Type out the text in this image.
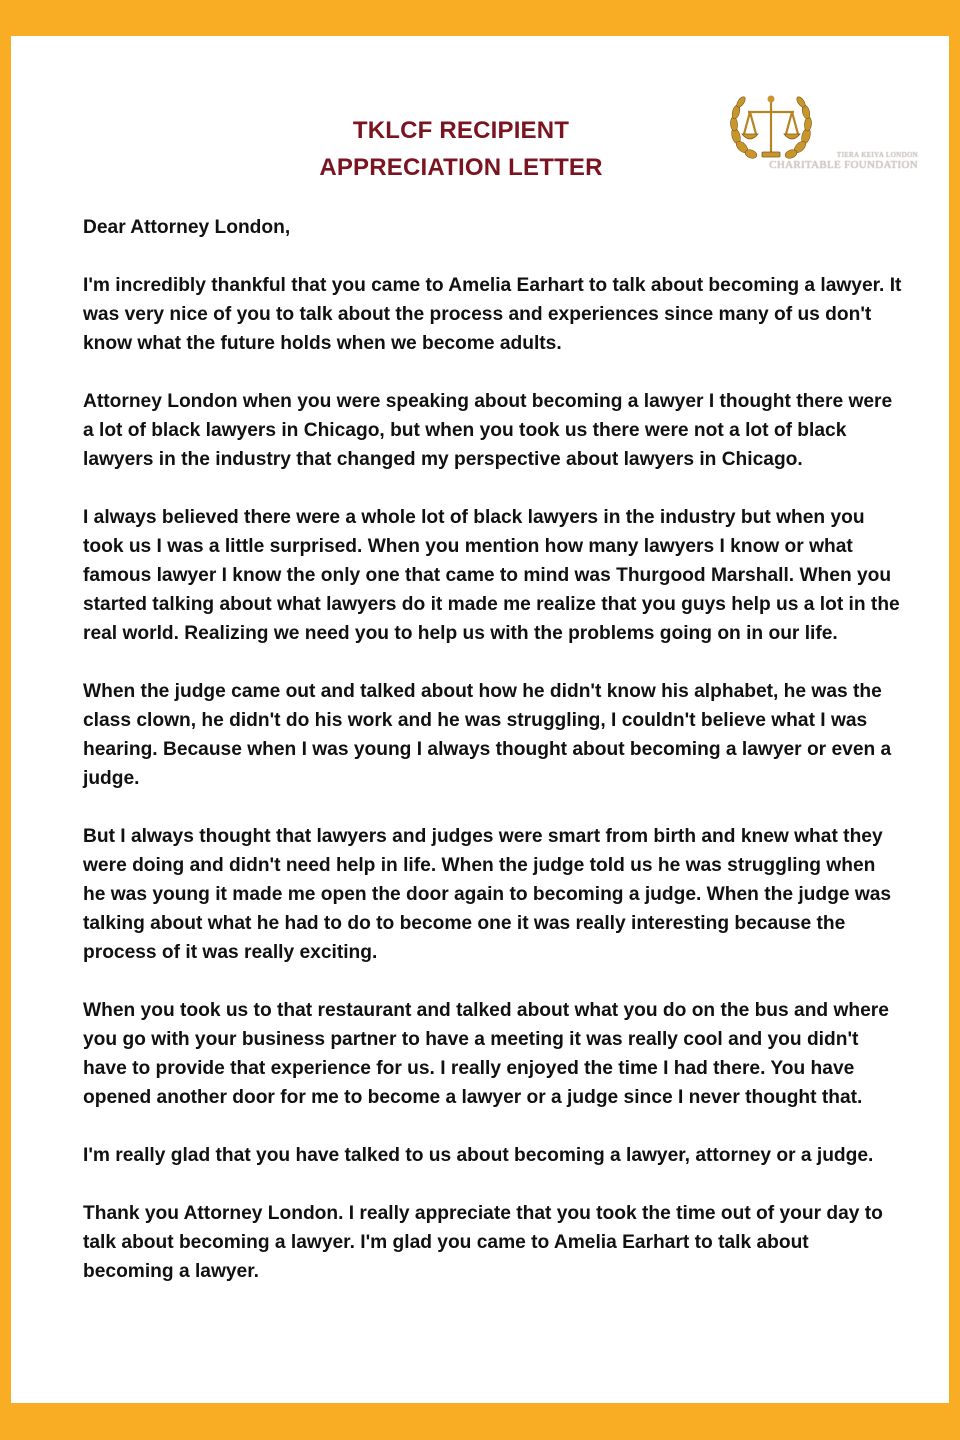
TKLCF RECIPIENT
APPRECIATION LETTER	TIERA KEIYA LONDON
CHARITABLE FOUNDATION

Dear Attorney London,

I'm incredibly thankful that you came to Amelia Earhart to talk about becoming a lawyer. It was very nice of you to talk about the process and experiences since many of us don't know what the future holds when we become adults.

Attorney London when you were speaking about becoming a lawyer I thought there were a lot of black lawyers in Chicago, but when you took us there were not a lot of black lawyers in the industry that changed my perspective about lawyers in Chicago.

I always believed there were a whole lot of black lawyers in the industry but when you took us I was a little surprised. When you mention how many lawyers I know or what famous lawyer I know the only one that came to mind was Thurgood Marshall. When you started talking about what lawyers do it made me realize that you guys help us a lot in the real world. Realizing we need you to help us with the problems going on in our life.

When the judge came out and talked about how he didn't know his alphabet, he was the class clown, he didn't do his work and he was struggling, I couldn't believe what I was hearing. Because when I was young I always thought about becoming a lawyer or even a judge.

But I always thought that lawyers and judges were smart from birth and knew what they were doing and didn't need help in life. When the judge told us he was struggling when he was young it made me open the door again to becoming a judge. When the judge was talking about what he had to do to become one it was really interesting because the process of it was really exciting.

When you took us to that restaurant and talked about what you do on the bus and where you go with your business partner to have a meeting it was really cool and you didn't have to provide that experience for us. I really enjoyed the time I had there. You have opened another door for me to become a lawyer or a judge since I never thought that.

I'm really glad that you have talked to us about becoming a lawyer, attorney or a judge.

Thank you Attorney London. I really appreciate that you took the time out of your day to talk about becoming a lawyer. I'm glad you came to Amelia Earhart to talk about becoming a lawyer.
